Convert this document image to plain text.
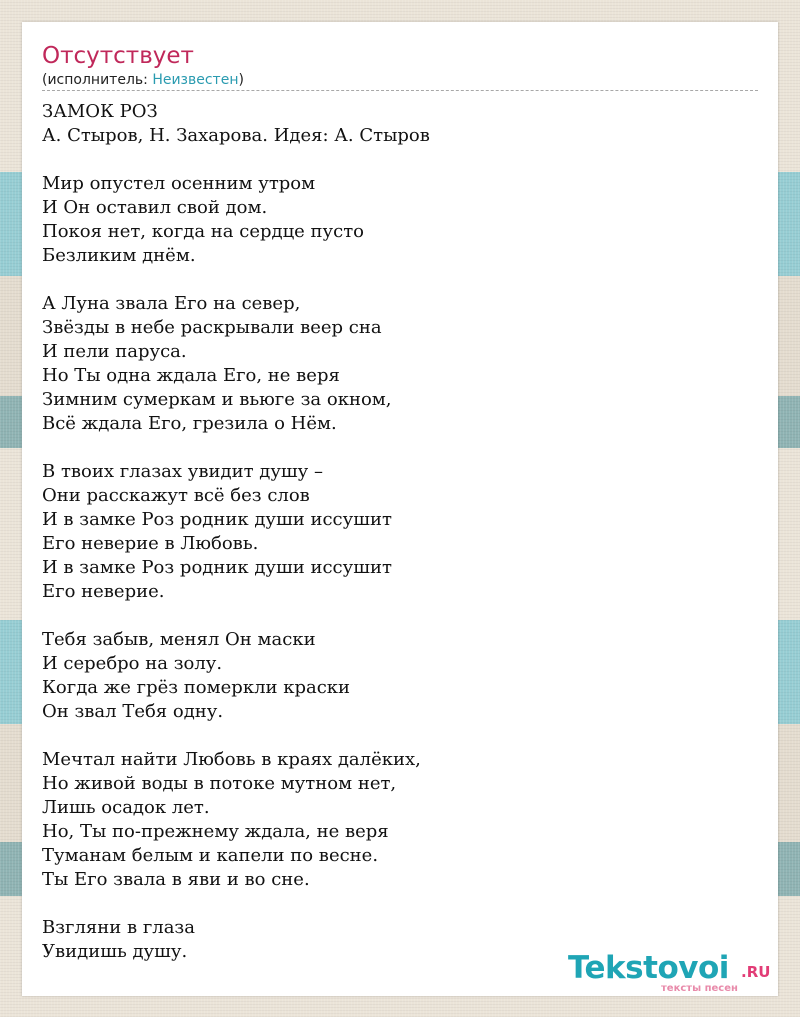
Отсутствует
(исполнитель: Неизвестен)
ЗАМОК РОЗ
А. Стыров, Н. Захарова. Идея: А. Стыров

Мир опустел осенним утром
И Он оставил свой дом.
Покоя нет, когда на сердце пусто
Безликим днём.

А Луна звала Его на север,
Звёзды в небе раскрывали веер сна
И пели паруса.
Но Ты одна ждала Его, не веря
Зимним сумеркам и вьюге за окном,
Всё ждала Его, грезила о Нём.

В твоих глазах увидит душу –
Они расскажут всё без слов
И в замке Роз родник души иссушит
Его неверие в Любовь.
И в замке Роз родник души иссушит
Его неверие.

Тебя забыв, менял Он маски
И серебро на золу.
Когда же грёз померкли краски
Он звал Тебя одну.

Мечтал найти Любовь в краях далёких,
Но живой воды в потоке мутном нет,
Лишь осадок лет.
Но, Ты по-прежнему ждала, не веря
Туманам белым и капели по весне.
Ты Его звала в яви и во сне.

Взгляни в глаза
Увидишь душу.	Tekstovoi .RU
тексты песен
